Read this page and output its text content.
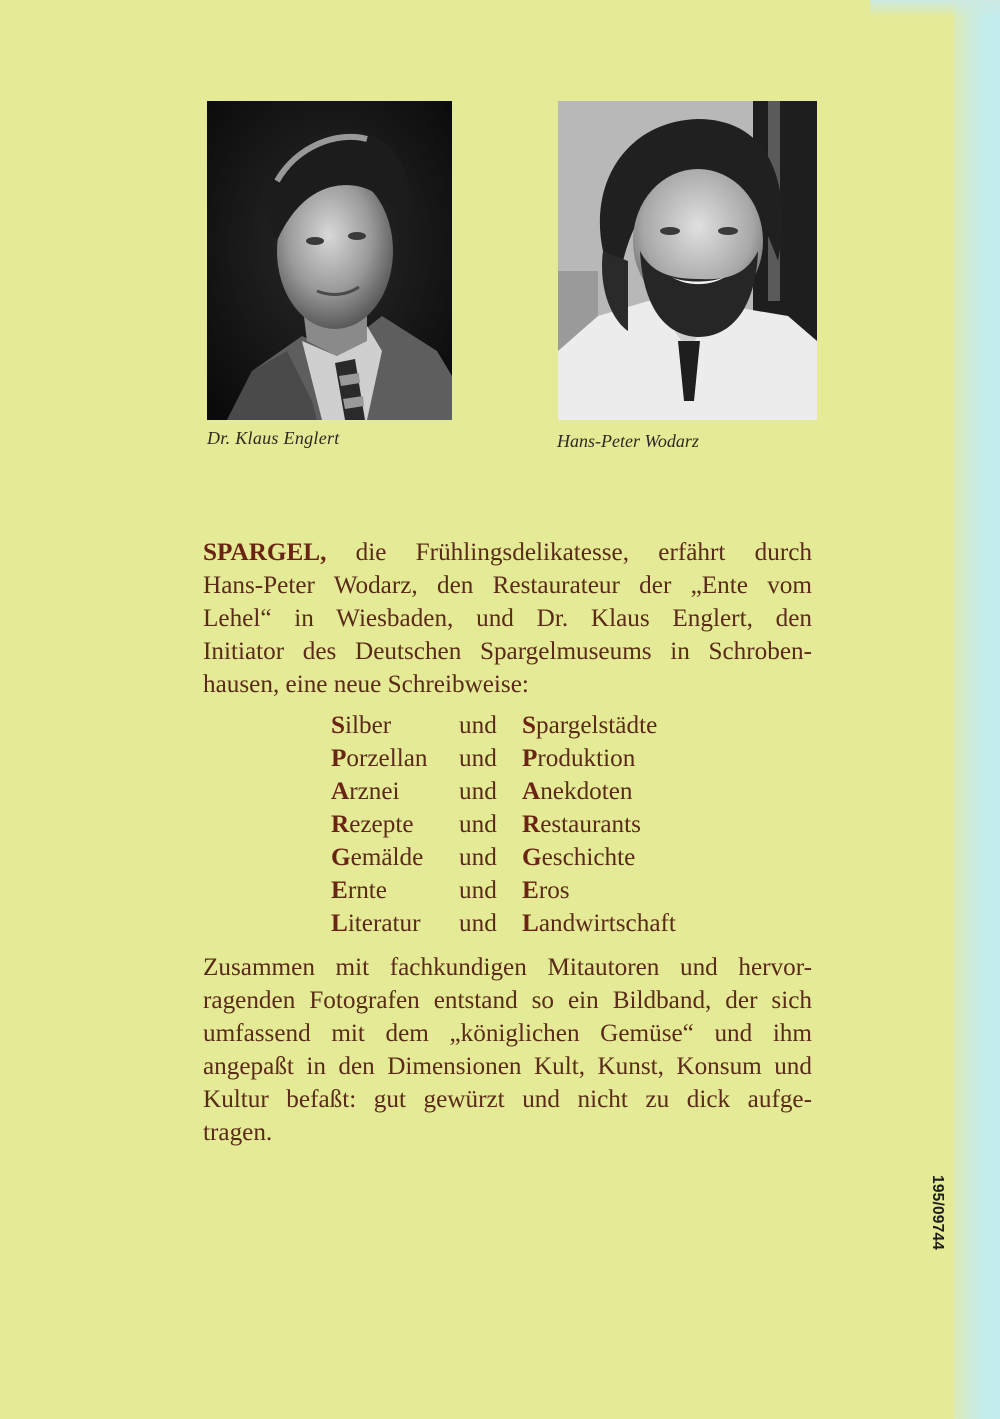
Dr. Klaus Englert	Hans-Peter Wodarz
SPARGEL, die Frühlingsdelikatesse, erfährt durch
Hans-Peter Wodarz, den Restaurateur der „Ente vom
Lehel“ in Wiesbaden, und Dr. Klaus Englert, den
Initiator des Deutschen Spargelmuseums in Schroben-
hausen, eine neue Schreibweise:
Silber	und	Spargelstädte
Porzellan	und	Produktion
Arznei	und	Anekdoten
Rezepte	und	Restaurants
Gemälde	und	Geschichte
Ernte	und	Eros
Literatur	und	Landwirtschaft
Zusammen mit fachkundigen Mitautoren und hervor-
ragenden Fotografen entstand so ein Bildband, der sich
umfassend mit dem „königlichen Gemüse“ und ihm
angepaßt in den Dimensionen Kult, Kunst, Konsum und
Kultur befaßt: gut gewürzt und nicht zu dick aufge-
tragen.
195/09744
